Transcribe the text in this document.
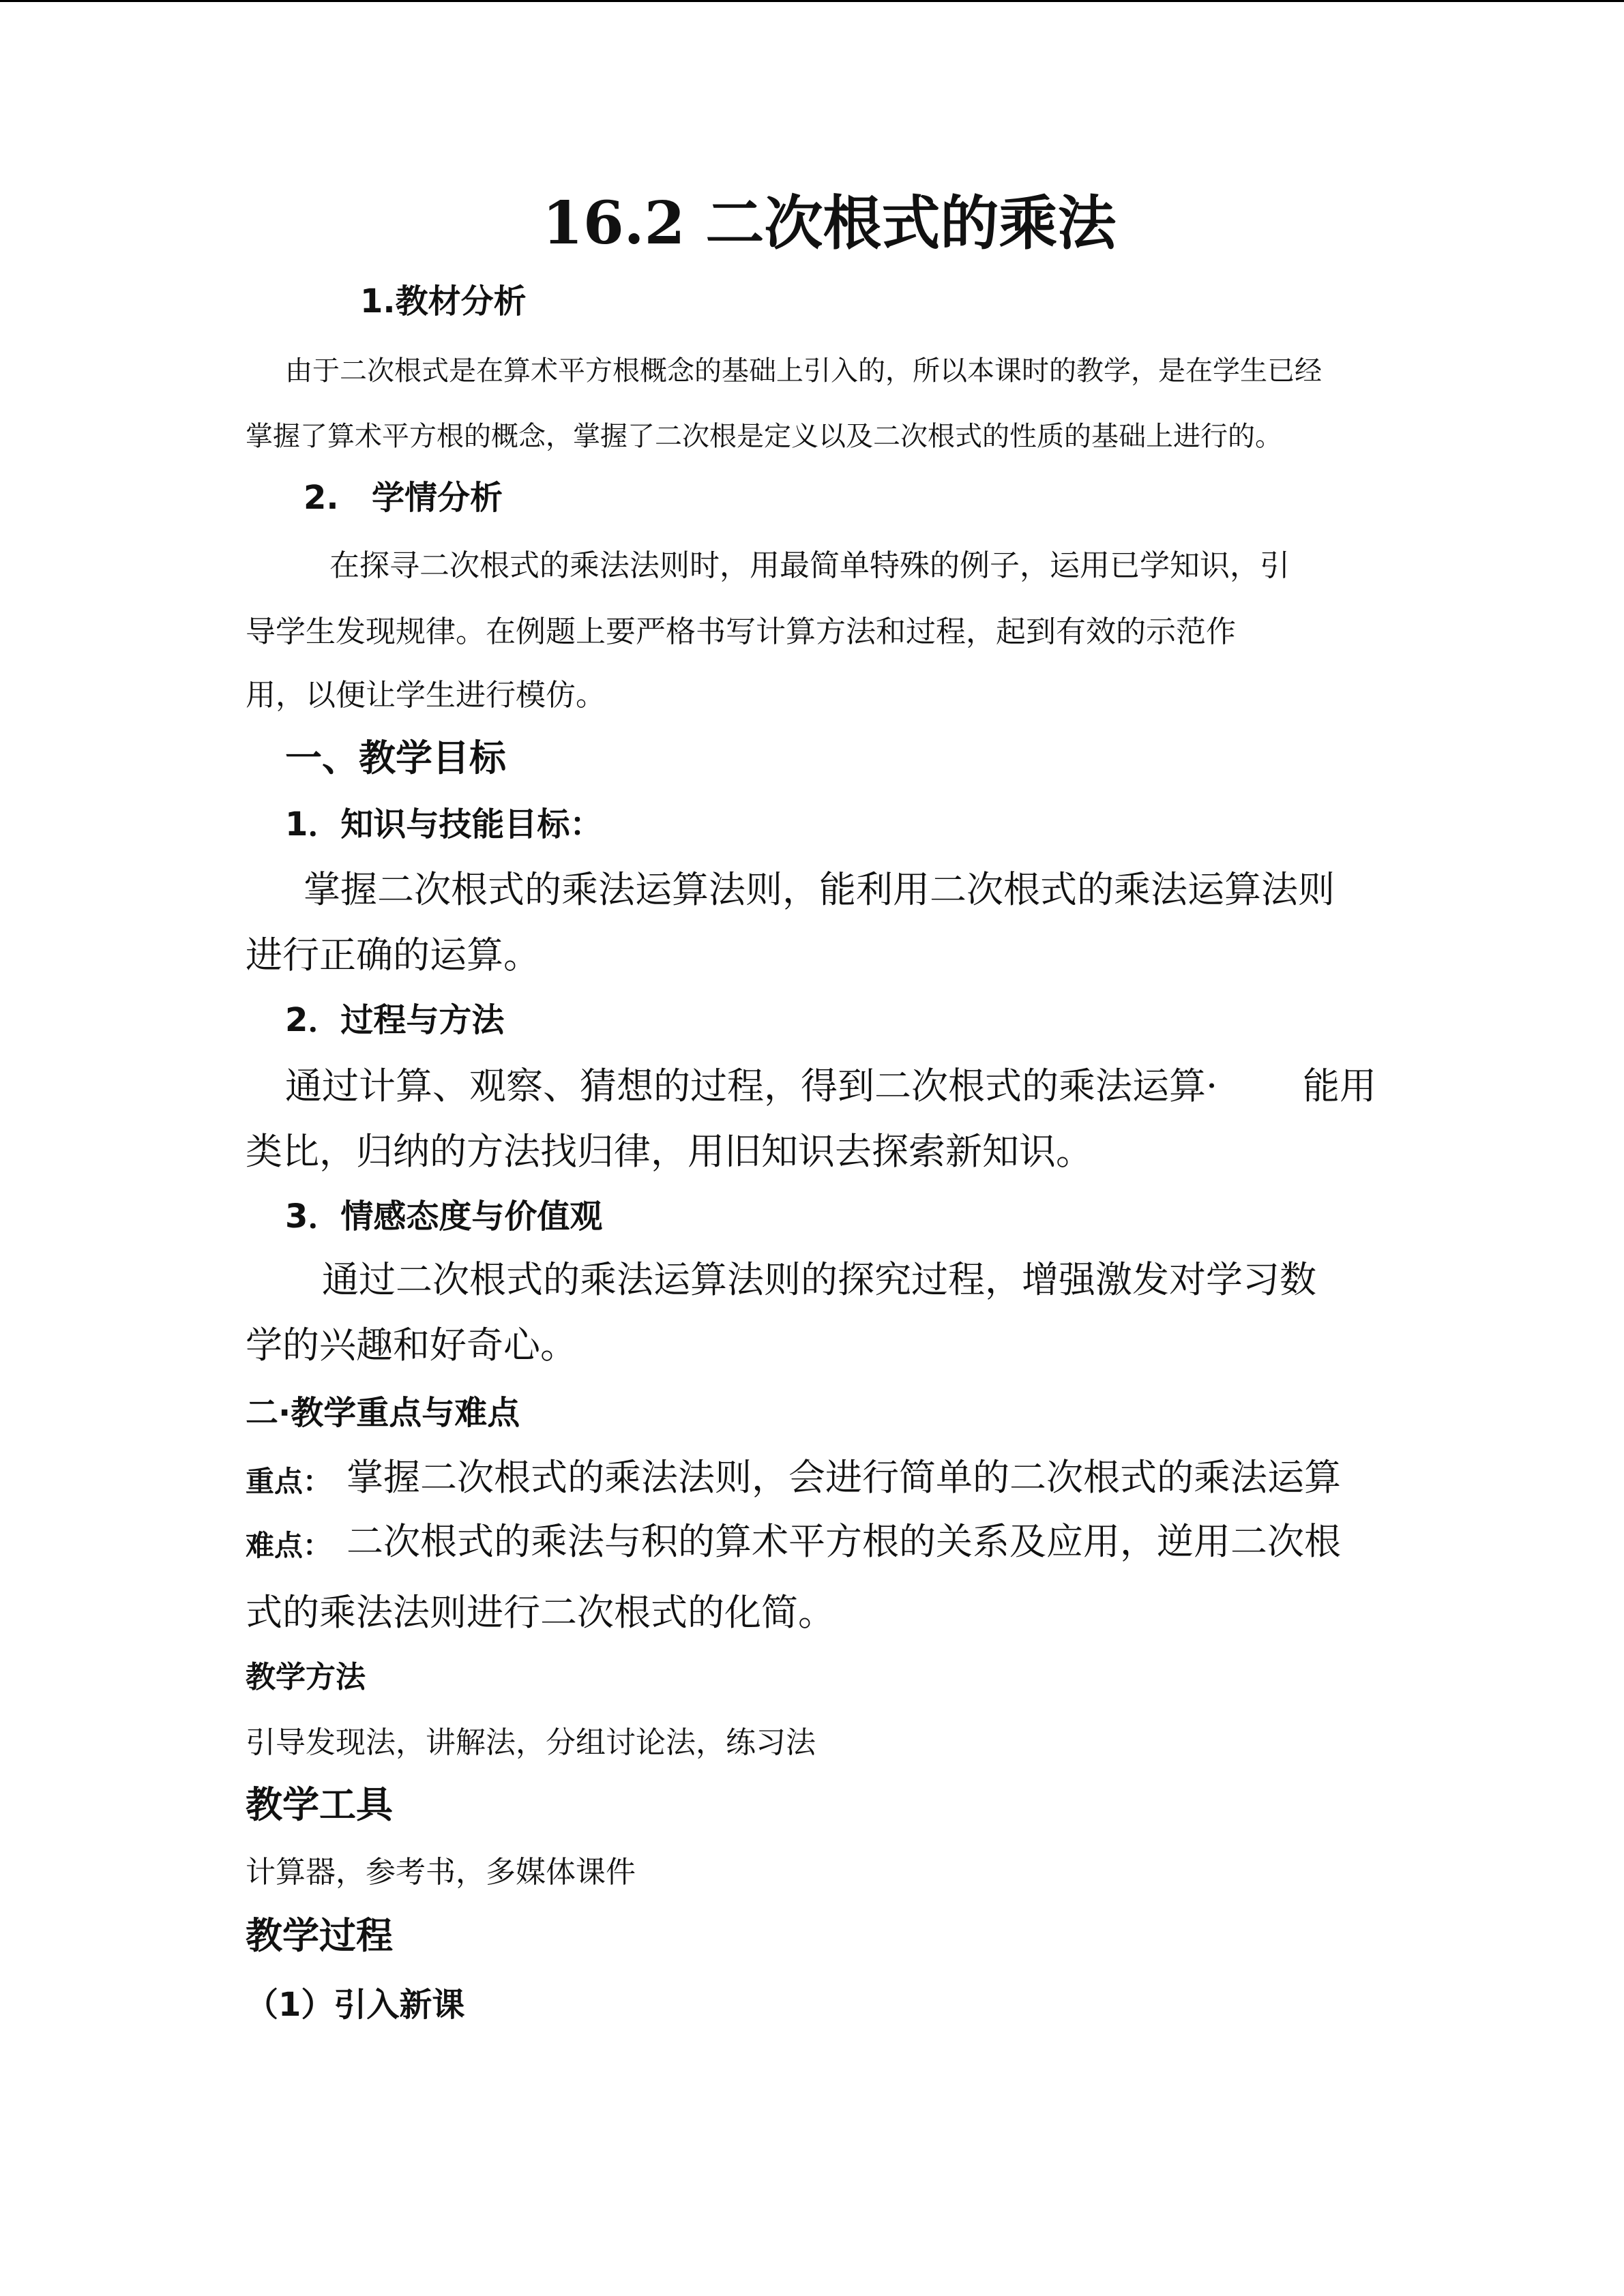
16.2 二次根式的乘法
1.教材分析
由于二次根式是在算术平方根概念的基础上引入的，所以本课时的教学，是在学生已经
掌握了算术平方根的概念，掌握了二次根是定义以及二次根式的性质的基础上进行的。
2. 学情分析
在探寻二次根式的乘法法则时，用最简单特殊的例子，运用已学知识，引
导学生发现规律。在例题上要严格书写计算方法和过程，起到有效的示范作
用，以便让学生进行模仿。
一、教学目标
1．知识与技能目标：
掌握二次根式的乘法运算法则，能利用二次根式的乘法运算法则
进行正确的运算。
2．过程与方法
通过计算、观察、猜想的过程，得到二次根式的乘法运算· 能用
类比，归纳的方法找归律，用旧知识去探索新知识。
3．情感态度与价值观
通过二次根式的乘法运算法则的探究过程，增强激发对学习数
学的兴趣和好奇心。
二·教学重点与难点
重点： 掌握二次根式的乘法法则，会进行简单的二次根式的乘法运算
难点： 二次根式的乘法与积的算术平方根的关系及应用，逆用二次根
式的乘法法则进行二次根式的化简。
教学方法
引导发现法，讲解法，分组讨论法，练习法
教学工具
计算器，参考书，多媒体课件
教学过程
（1）引入新课
